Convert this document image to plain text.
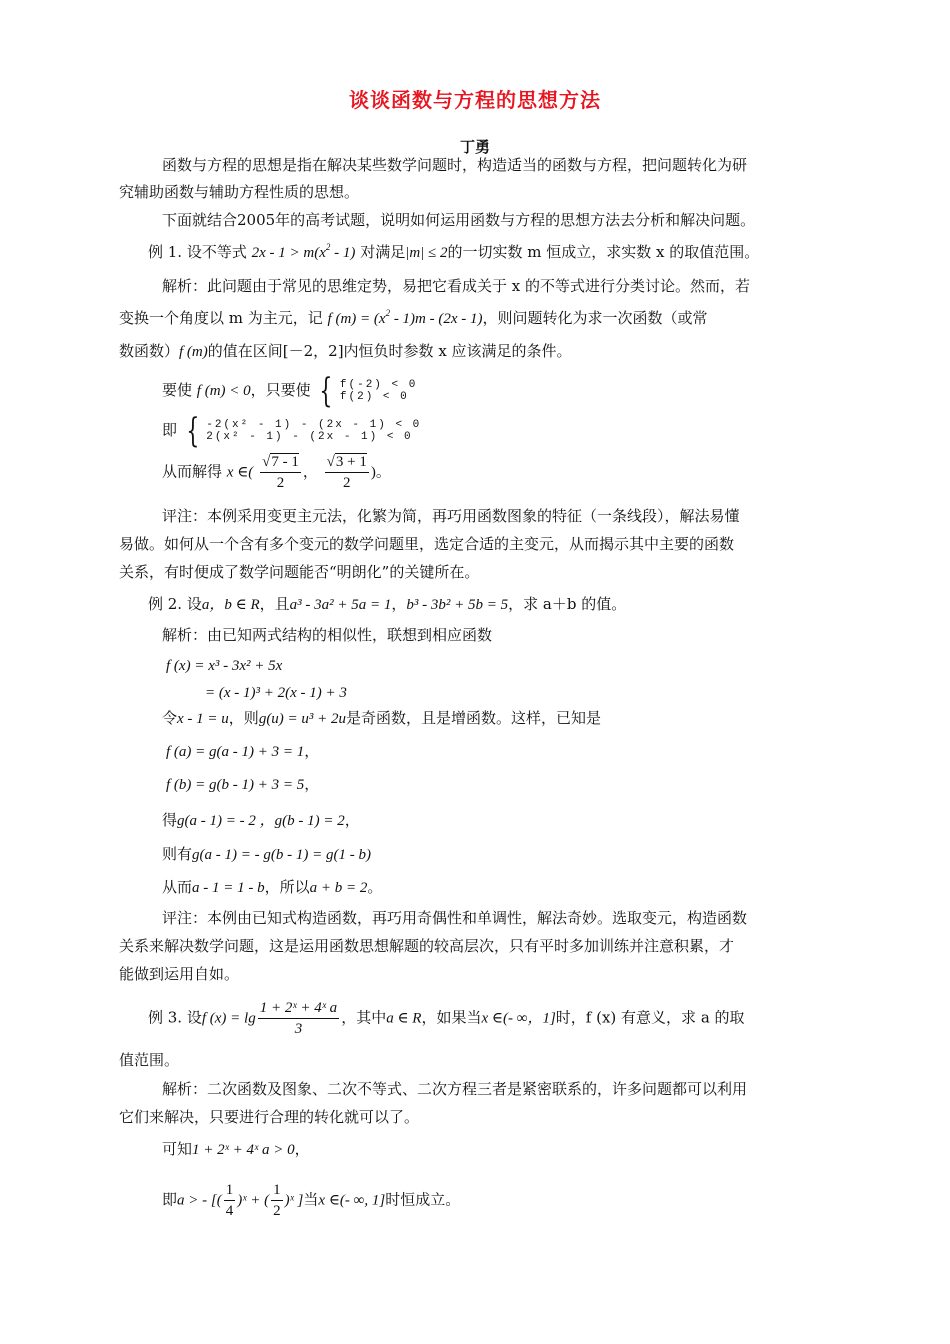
谈谈函数与方程的思想方法
丁勇
函数与方程的思想是指在解决某些数学问题时，构造适当的函数与方程，把问题转化为研
究辅助函数与辅助方程性质的思想。
下面就结合2005年的高考试题，说明如何运用函数与方程的思想方法去分析和解决问题。
例 1. 设不等式 $2x - 1 > m(x^2 - 1)$ 对满足|m| ≤ 2的一切实数 m 恒成立，求实数 x 的取值范围。
解析：此问题由于常见的思维定势，易把它看成关于 x 的不等式进行分类讨论。然而，若
变换一个角度以 m 为主元，记 f $(m) = (x^2 - 1)m - (2x - 1)$，则问题转化为求一次函数（或常
数函数）f (m)的值在区间[－2，2]内恒负时参数 x 应该满足的条件。
要使 f (m) < 0，只要使 { f(-2) < 0
f(2) < 0
即 { -2(x² - 1) - (2x - 1) < 0
2(x² - 1) - (2x - 1) < 0
从而解得 x ∈( $\frac{√7 - 1}{2}$ ， $\frac{√3 + 1}{2}$ )。
评注：本例采用变更主元法，化繁为简，再巧用函数图象的特征（一条线段），解法易懂
易做。如何从一个含有多个变元的数学问题里，选定合适的主变元，从而揭示其中主要的函数
关系，有时便成了数学问题能否“明朗化”的关键所在。
例 2. 设a，b ∈ R，且a³ - 3a² + 5a = 1，b³ - 3b² + 5b = 5，求 a＋b 的值。
解析：由已知两式结构的相似性，联想到相应函数
f (x) = x³ - 3x² + 5x
= (x - 1)³ + 2(x - 1) + 3
令x - 1 = u，则g(u) = u³ + 2u是奇函数，且是增函数。这样，已知是
f (a) = g(a - 1) + 3 = 1，
f (b) = g(b - 1) + 3 = 5，
得g(a - 1) = - 2 ，g(b - 1) = 2，
则有g(a - 1) = - g(b - 1) = g(1 - b)
从而a - 1 = 1 - b，所以a + b = 2。
评注：本例由已知式构造函数，再巧用奇偶性和单调性，解法奇妙。选取变元，构造函数
关系来解决数学问题，这是运用函数思想解题的较高层次，只有平时多加训练并注意积累，才
能做到运用自如。
例 3. 设f $(x) = \lg \frac{\text{1 + 2ˣ + 4ˣ a}}{3}$ ，其中a ∈ R，如果当x ∈(- ∞，1]时，f (x) 有意义，求 a 的取
值范围。
解析：二次函数及图象、二次不等式、二次方程三者是紧密联系的，许多问题都可以利用
它们来解决，只要进行合理的转化就可以了。
可知1 + 2ˣ + 4ˣ a > 0，
即a > - [( $\frac{1}{4}$ )ˣ + ( $\frac{1}{2}$ )ˣ ]当x ∈(- ∞, 1]时恒成立。
